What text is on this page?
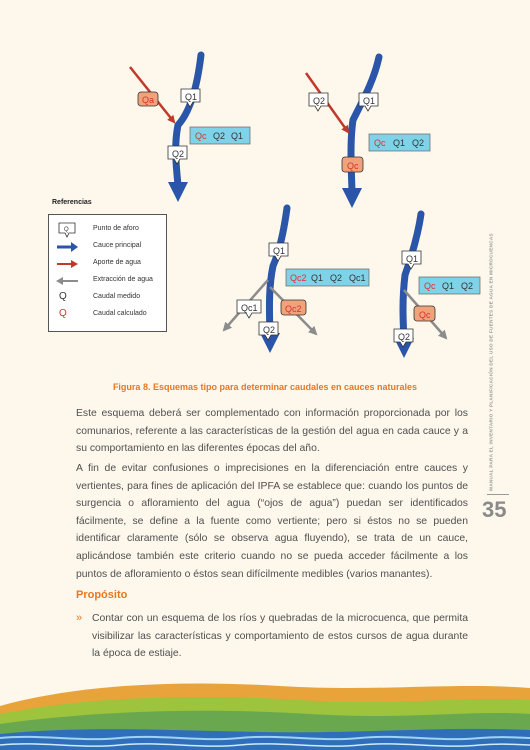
Qa	Q1
Q2
Qc Q2 Q1
Q2	Q1
Qc Q1 Q2
Qc
Q1
Qc2 Q1 Q2 Qc1
Qc1	Qc2
Q2
Q1
Qc Q1 Q2
Qc
Q2
Referencias
Q	Punto de aforo
Cauce principal
Aporte de agua
Extracción de agua
Q	Caudal medido
Q	Caudal calculado
Figura 8. Esquemas tipo para determinar caudales en cauces naturales

Este esquema deberá ser complementado con información proporcionada por los comunarios, referente a las características de la gestión del agua en cada cauce y a su comportamiento en las diferentes épocas del año.

A fin de evitar confusiones o imprecisiones en la diferenciación entre cauces y vertientes, para fines de aplicación del IPFA se establece que: cuando los puntos de surgencia o afloramiento del agua (“ojos de agua”) puedan ser identificados fácilmente, se define a la fuente como vertiente; pero si éstos no se pueden identificar claramente (sólo se observa agua fluyendo), se trata de un cauce, aplicándose también este criterio cuando no se pueda acceder fácilmente a los puntos de afloramiento o éstos sean difícilmente medibles (varios manantes).

Propósito
» Contar con un esquema de los ríos y quebradas de la microcuenca, que permita visibilizar las características y comportamiento de estos cursos de agua durante la época de estiaje.

MANUAL PARA EL INVENTARIO Y PLANIFICACIÓN DEL USO DE FUENTES DE AGUA EN MICROCUENCAS
35
